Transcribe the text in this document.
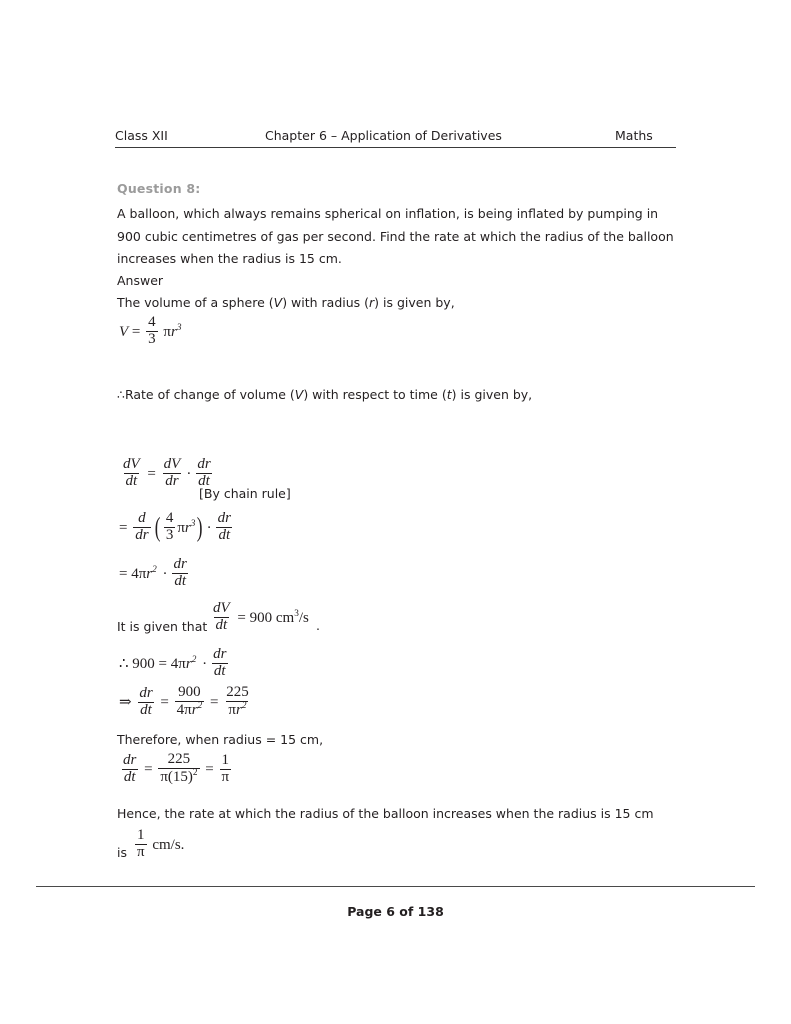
Class XII	Chapter 6 – Application of Derivatives	Maths
Question 8:
A balloon, which always remains spherical on inflation, is being inflated by pumping in 900 cubic centimetres of gas per second. Find the rate at which the radius of the balloon increases when the radius is 15 cm.
Answer
The volume of a sphere (V) with radius (r) is given by,
$V = \frac{4}{3} \pi r^3$
∴Rate of change of volume (V) with respect to time (t) is given by,
$\frac{dV}{dt} = \frac{dV}{dr} \cdot \frac{dr}{dt}$
[By chain rule]
= $\frac{d}{dr}$ ( $\frac{4}{3} \pi r^3) \cdot \frac{dr}{dt}$
= $4\pi r^2 \cdot \frac{dr}{dt}$
It is given that $\frac{dV}{dt} = 900$ $cm^3/s$ .
∴ $900 = 4\pi r^2 \cdot \frac{dr}{dt}$
⇒ $\frac{dr}{dt} = \frac{900}{4\pi r^2} = \frac{225}{\pi r^2}$
Therefore, when radius = 15 cm,
$\frac{dr}{dt} = \frac{225}{\pi(15)^2} = \frac{1}{\pi}$
Hence, the rate at which the radius of the balloon increases when the radius is 15 cm
is $\frac{1}{\pi} cm/s$.
Page 6 of 138
